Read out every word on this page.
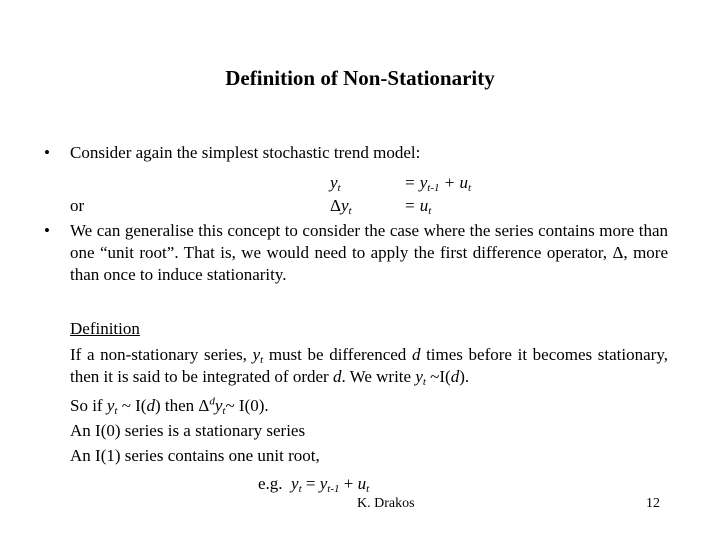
Definition of Non-Stationarity
• Consider again the simplest stochastic trend model:
$y_t$	= $y_{t-1} + u_t$
or	$\Delta y_t$	= $u_t$
• We can generalise this concept to consider the case where the series contains more than one “unit root”. That is, we would need to apply the first difference operator, Δ, more than once to induce stationarity.
Definition
If a non-stationary series, $y_t$ must be differenced d times before it becomes stationary, then it is said to be integrated of order d. We write $y_t$ ~I(d).
So if $y_t$ ~ I(d) then $\Delta^dy_t\sim$ I(0).
An I(0) series is a stationary series
An I(1) series contains one unit root,
e.g.  $y_t = y_{t-1} + u_t$
K. Drakos	12
